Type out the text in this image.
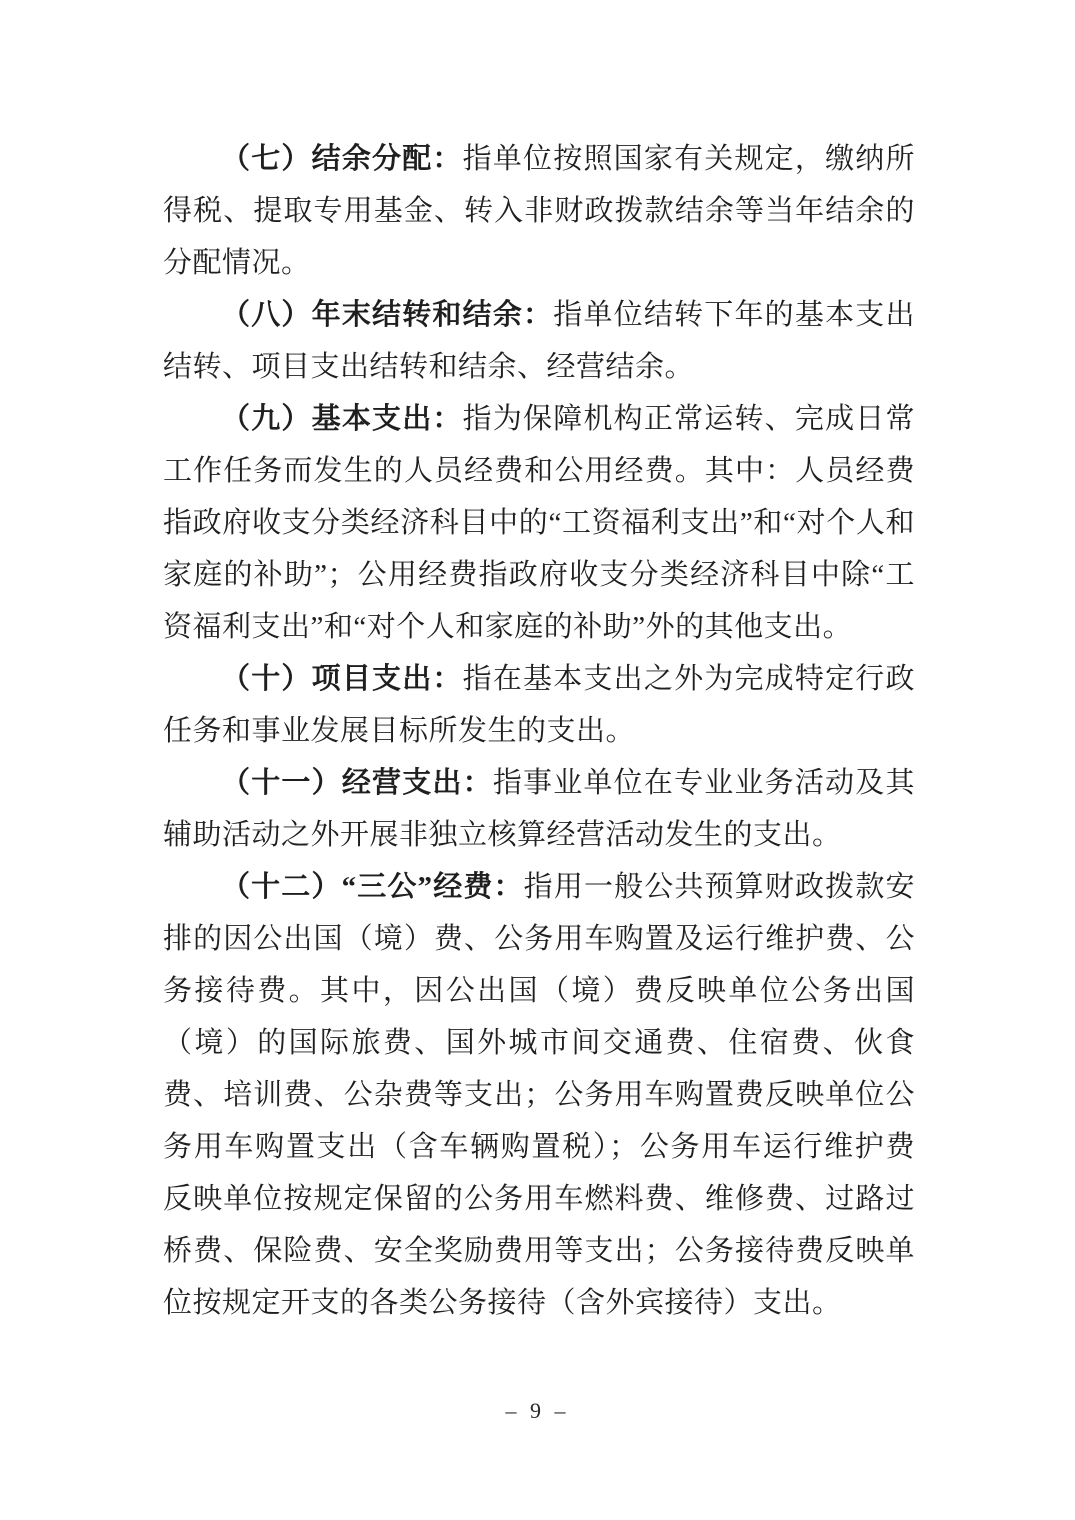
（七）结余分配：指单位按照国家有关规定，缴纳所得税、提取专用基金、转入非财政拨款结余等当年结余的分配情况。

（八）年末结转和结余：指单位结转下年的基本支出结转、项目支出结转和结余、经营结余。

（九）基本支出：指为保障机构正常运转、完成日常工作任务而发生的人员经费和公用经费。其中：人员经费指政府收支分类经济科目中的“工资福利支出”和“对个人和家庭的补助”；公用经费指政府收支分类经济科目中除“工资福利支出”和“对个人和家庭的补助”外的其他支出。

（十）项目支出：指在基本支出之外为完成特定行政任务和事业发展目标所发生的支出。

（十一）经营支出：指事业单位在专业业务活动及其辅助活动之外开展非独立核算经营活动发生的支出。

（十二）“三公”经费：指用一般公共预算财政拨款安排的因公出国（境）费、公务用车购置及运行维护费、公务接待费。其中，因公出国（境）费反映单位公务出国（境）的国际旅费、国外城市间交通费、住宿费、伙食费、培训费、公杂费等支出；公务用车购置费反映单位公务用车购置支出（含车辆购置税）；公务用车运行维护费反映单位按规定保留的公务用车燃料费、维修费、过路过桥费、保险费、安全奖励费用等支出；公务接待费反映单位按规定开支的各类公务接待（含外宾接待）支出。

– 9 –
